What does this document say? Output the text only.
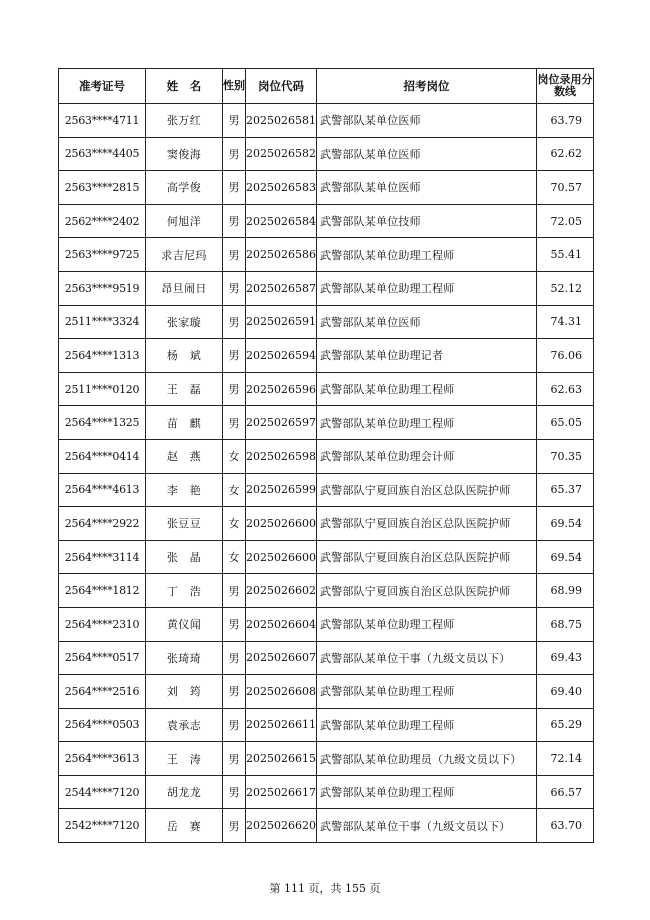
准考证号	姓　名	性别	岗位代码	招考岗位	岗位录用分数线
2563****4711	张万红	男	2025026581	武警部队某单位医师	63.79
2563****4405	窦俊海	男	2025026582	武警部队某单位医师	62.62
2563****2815	高学俊	男	2025026583	武警部队某单位医师	70.57
2562****2402	何旭洋	男	2025026584	武警部队某单位技师	72.05
2563****9725	求吉尼玛	男	2025026586	武警部队某单位助理工程师	55.41
2563****9519	昂旦闹日	男	2025026587	武警部队某单位助理工程师	52.12
2511****3324	张家璇	男	2025026591	武警部队某单位医师	74.31
2564****1313	杨　斌	男	2025026594	武警部队某单位助理记者	76.06
2511****0120	王　磊	男	2025026596	武警部队某单位助理工程师	62.63
2564****1325	苗　麒	男	2025026597	武警部队某单位助理工程师	65.05
2564****0414	赵　燕	女	2025026598	武警部队某单位助理会计师	70.35
2564****4613	李　艳	女	2025026599	武警部队宁夏回族自治区总队医院护师	65.37
2564****2922	张豆豆	女	2025026600	武警部队宁夏回族自治区总队医院护师	69.54
2564****3114	张　晶	女	2025026600	武警部队宁夏回族自治区总队医院护师	69.54
2564****1812	丁　浩	男	2025026602	武警部队宁夏回族自治区总队医院护师	68.99
2564****2310	黄仪闻	男	2025026604	武警部队某单位助理工程师	68.75
2564****0517	张琦琦	男	2025026607	武警部队某单位干事（九级文员以下）	69.43
2564****2516	刘　筠	男	2025026608	武警部队某单位助理工程师	69.40
2564****0503	袁承志	男	2025026611	武警部队某单位助理工程师	65.29
2564****3613	王　涛	男	2025026615	武警部队某单位助理员（九级文员以下）	72.14
2544****7120	胡龙龙	男	2025026617	武警部队某单位助理工程师	66.57
2542****7120	岳　赛	男	2025026620	武警部队某单位干事（九级文员以下）	63.70
第 111 页，共 155 页
